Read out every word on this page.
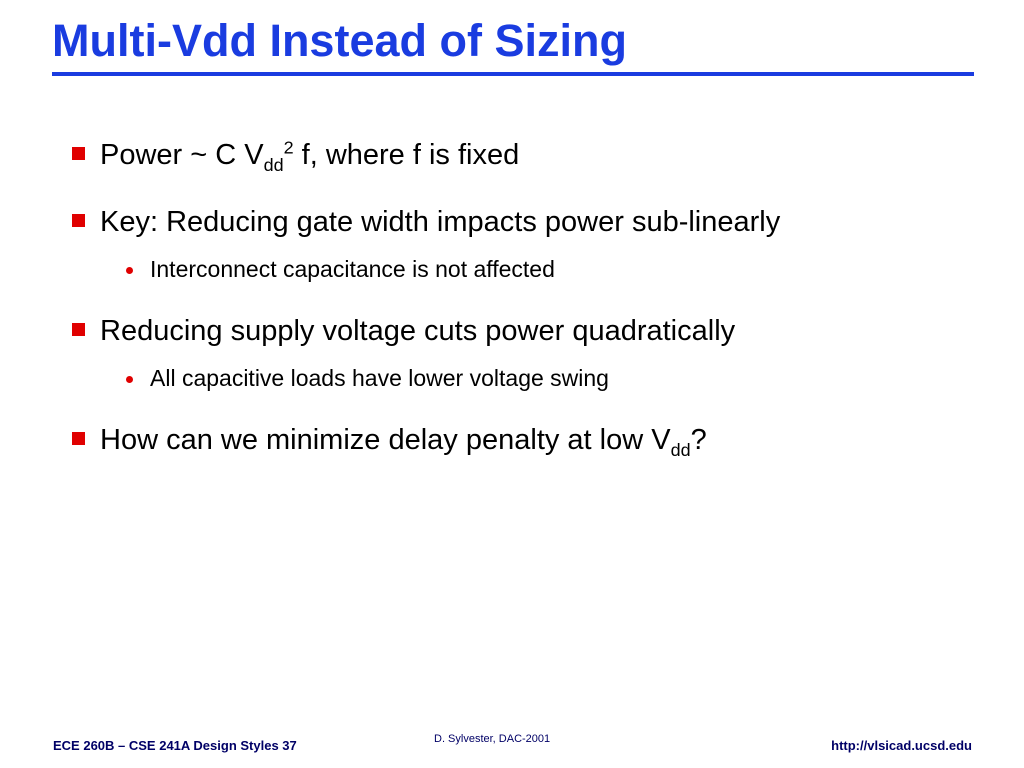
Multi-Vdd Instead of Sizing
Power ~ C $V_{dd}^2$ f, where f is fixed
Key: Reducing gate width impacts power sub-linearly
Interconnect capacitance is not affected
Reducing supply voltage cuts power quadratically
All capacitive loads have lower voltage swing
How can we minimize delay penalty at low $V_{dd}$?
ECE 260B – CSE 241A Design Styles 37	D. Sylvester, DAC-2001	http://vlsicad.ucsd.edu
